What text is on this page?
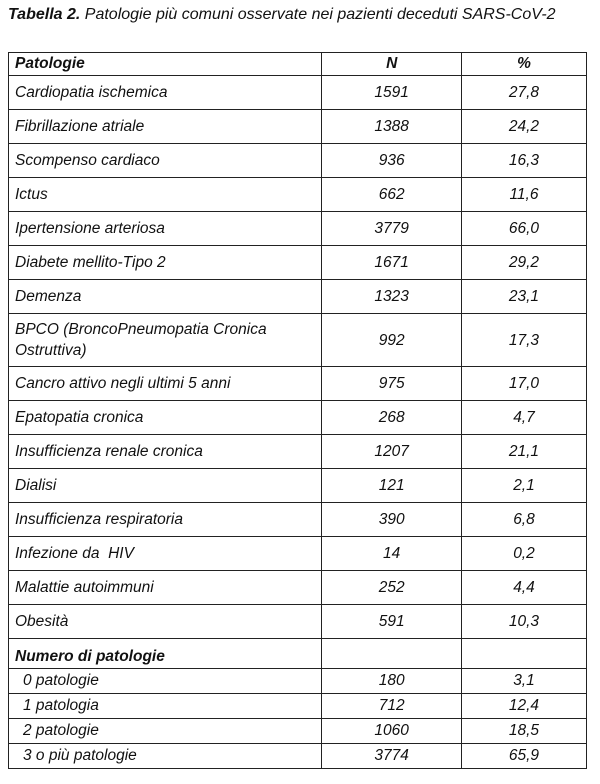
Tabella 2. Patologie più comuni osservate nei pazienti deceduti SARS-CoV-2
Patologie	N	%
Cardiopatia ischemica	1591	27,8
Fibrillazione atriale	1388	24,2
Scompenso cardiaco	936	16,3
Ictus	662	11,6
Ipertensione arteriosa	3779	66,0
Diabete mellito-Tipo 2	1671	29,2
Demenza	1323	23,1
BPCO (BroncoPneumopatia Cronica Ostruttiva)	992	17,3
Cancro attivo negli ultimi 5 anni	975	17,0
Epatopatia cronica	268	4,7
Insufficienza renale cronica	1207	21,1
Dialisi	121	2,1
Insufficienza respiratoria	390	6,8
Infezione da  HIV	14	0,2
Malattie autoimmuni	252	4,4
Obesità	591	10,3
Numero di patologie		
0 patologie	180	3,1
1 patologia	712	12,4
2 patologie	1060	18,5
3 o più patologie	3774	65,9
